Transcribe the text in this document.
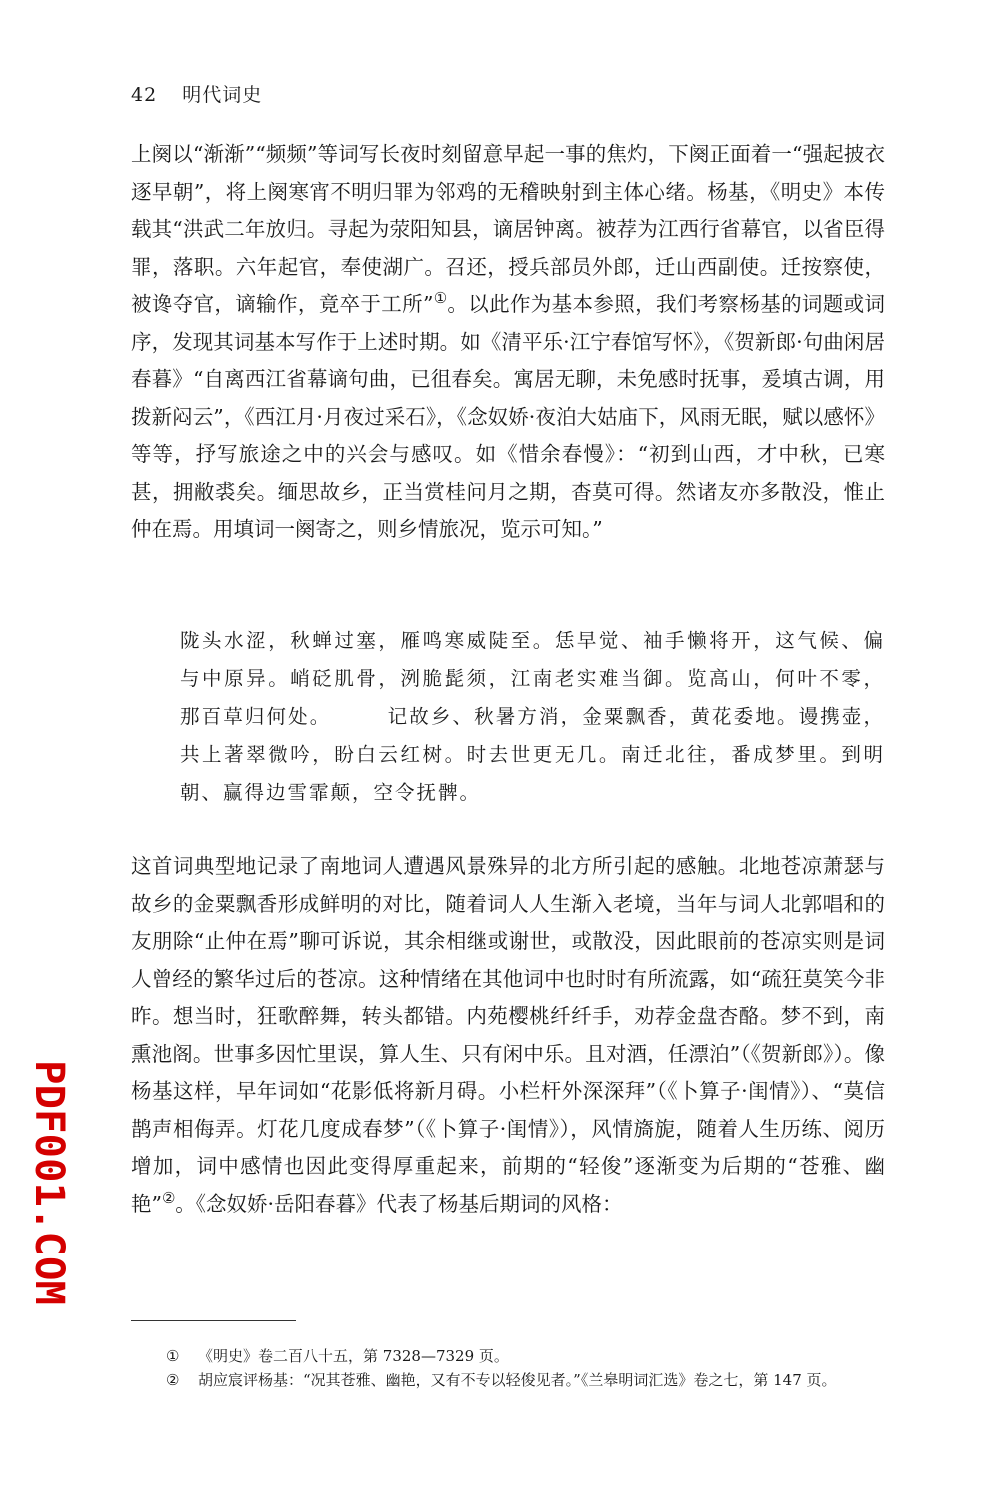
42 明代词史

上阕以“渐渐”“频频”等词写长夜时刻留意早起一事的焦灼，下阕正面着一“强起披衣逐早朝”，将上阕寒宵不明归罪为邻鸡的无稽映射到主体心绪。杨基，《明史》本传载其“洪武二年放归。寻起为荥阳知县，谪居钟离。被荐为江西行省幕官，以省臣得罪，落职。六年起官，奉使湖广。召还，授兵部员外郎，迁山西副使。迁按察使，被谗夺官，谪输作，竟卒于工所”①。以此作为基本参照，我们考察杨基的词题或词序，发现其词基本写作于上述时期。如《清平乐·江宁春馆写怀》，《贺新郎·句曲闲居春暮》“自离西江省幕谪句曲，已徂春矣。寓居无聊，未免感时抚事，爰填古调，用拨新闷云”，《西江月·月夜过采石》，《念奴娇·夜泊大姑庙下，风雨无眠，赋以感怀》等等，抒写旅途之中的兴会与感叹。如《惜余春慢》：“初到山西，才中秋，已寒甚，拥敝裘矣。缅思故乡，正当赏桂问月之期，杳莫可得。然诸友亦多散没，惟止仲在焉。用填词一阕寄之，则乡情旅况，览示可知。”

陇头水涩，秋蝉过塞，雁鸣寒威陡至。恁早觉、袖手懒将开，这气候、偏与中原异。峭砭肌骨，洌脆髭须，江南老实难当御。览高山，何叶不零，那百草归何处。	记故乡、秋暑方消，金粟飘香，黄花委地。谩携壶，共上著翠微吟，盼白云红树。时去世更无几。南迁北往，番成梦里。到明朝、赢得边雪霏颠，空令抚髀。

这首词典型地记录了南地词人遭遇风景殊异的北方所引起的感触。北地苍凉萧瑟与故乡的金粟飘香形成鲜明的对比，随着词人人生渐入老境，当年与词人北郭唱和的友朋除“止仲在焉”聊可诉说，其余相继或谢世，或散没，因此眼前的苍凉实则是词人曾经的繁华过后的苍凉。这种情绪在其他词中也时时有所流露，如“疏狂莫笑今非昨。想当时，狂歌醉舞，转头都错。内苑樱桃纤纤手，劝荐金盘杏酪。梦不到，南熏池阁。世事多因忙里误，算人生、只有闲中乐。且对酒，任漂泊”（《贺新郎》）。像杨基这样，早年词如“花影低将新月碍。小栏杆外深深拜”（《卜算子·闺情》）、“莫信鹊声相侮弄。灯花几度成春梦”（《卜算子·闺情》），风情旖旎，随着人生历练、阅历增加，词中感情也因此变得厚重起来，前期的“轻俊”逐渐变为后期的“苍雅、幽艳”②。《念奴娇·岳阳春暮》代表了杨基后期词的风格：

① 《明史》卷二百八十五，第 7328—7329 页。

② 胡应宸评杨基：“况其苍雅、幽艳，又有不专以轻俊见者。”《兰皋明词汇选》卷之七，第 147 页。

PDF001.COM
